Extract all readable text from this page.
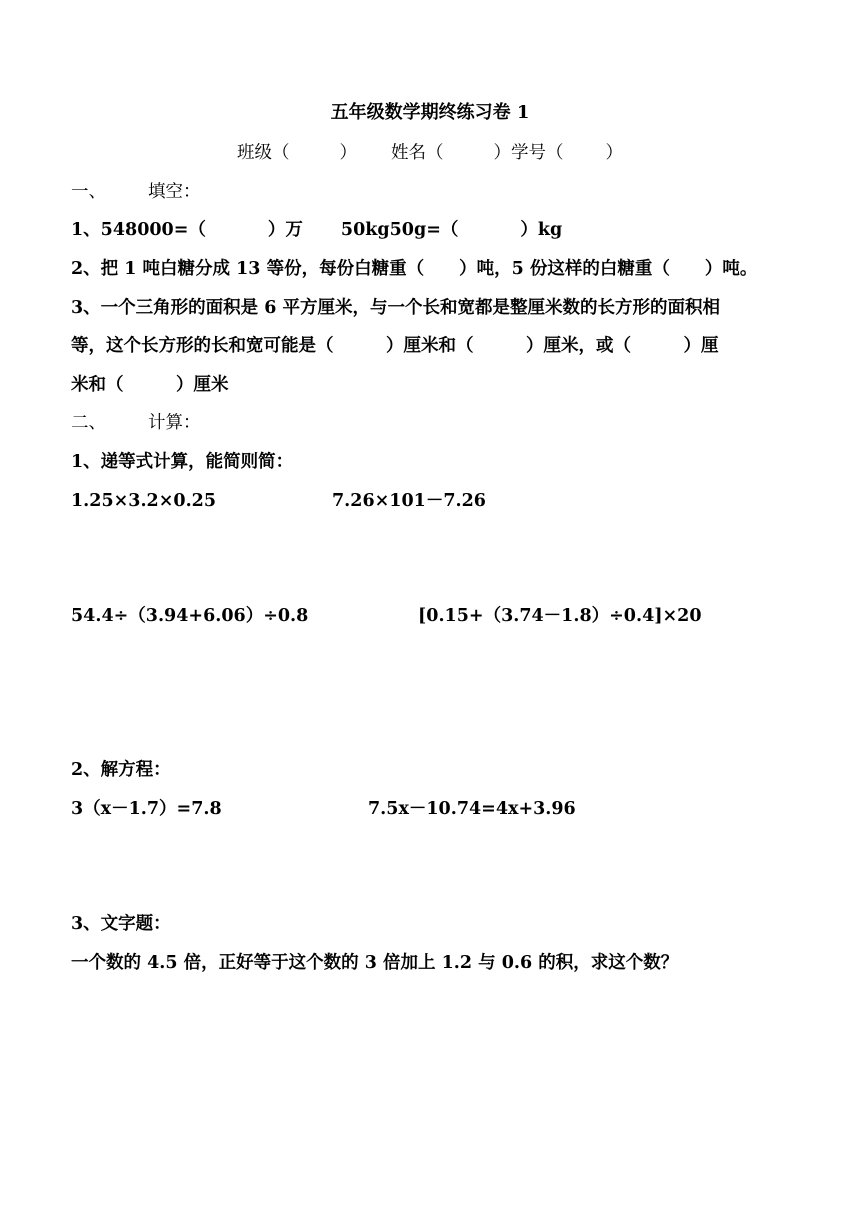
五年级数学期终练习卷 1
班级（	） 姓名（	）学号（ ）
一、 填空：
1、548000=（	）万 50kg50g=（	）kg
2、把 1 吨白糖分成 13 等份，每份白糖重（　　）吨，5 份这样的白糖重（　　）吨。
3、一个三角形的面积是 6 平方厘米，与一个长和宽都是整厘米数的长方形的面积相
等，这个长方形的长和宽可能是（　　　）厘米和（　　　）厘米，或（　　　）厘
米和（　　　）厘米
二、 计算：
1、递等式计算，能简则简：
1.25×3.2×0.25	7.26×101－7.26
54.4÷（3.94+6.06）÷0.8	[0.15+（3.74－1.8）÷0.4]×20
2、解方程：
3（x－1.7）=7.8	7.5x－10.74=4x+3.96
3、文字题：
一个数的 4.5 倍，正好等于这个数的 3 倍加上 1.2 与 0.6 的积，求这个数？
